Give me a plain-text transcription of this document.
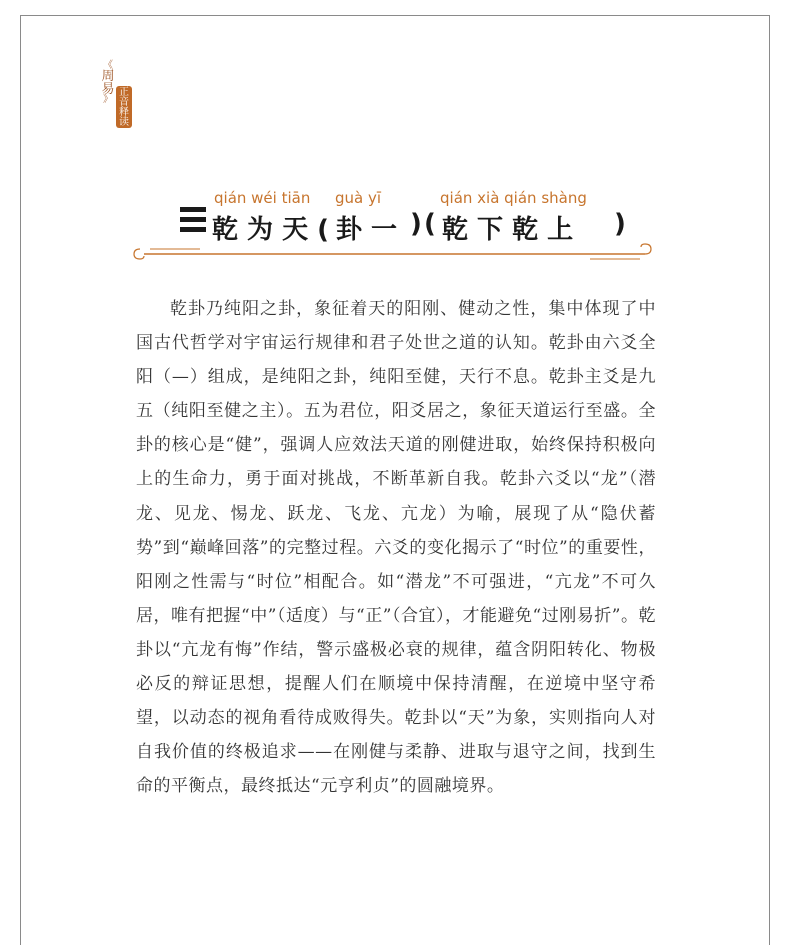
《
周
易
》
正
音
释
读
qián wéi tiān guà yī	qián xià qián shàng
乾 为 天 ( 卦 一 ) ( 乾 下 乾 上 )
乾卦乃纯阳之卦，象征着天的阳刚、健动之性，集中体现了中国古代哲学对宇宙运行规律和君子处世之道的认知。乾卦由六爻全阳（—）组成，是纯阳之卦，纯阳至健，天行不息。乾卦主爻是九五（纯阳至健之主）。五为君位，阳爻居之，象征天道运行至盛。全卦的核心是“健”，强调人应效法天道的刚健进取，始终保持积极向上的生命力，勇于面对挑战，不断革新自我。乾卦六爻以“龙”（潜龙、见龙、惕龙、跃龙、飞龙、亢龙）为喻，展现了从“隐伏蓄势”到“巅峰回落”的完整过程。六爻的变化揭示了“时位”的重要性，阳刚之性需与“时位”相配合。如“潜龙”不可强进，“亢龙”不可久居，唯有把握“中”（适度）与“正”（合宜），才能避免“过刚易折”。乾卦以“亢龙有悔”作结，警示盛极必衰的规律，蕴含阴阳转化、物极必反的辩证思想，提醒人们在顺境中保持清醒，在逆境中坚守希望，以动态的视角看待成败得失。乾卦以“天”为象，实则指向人对自我价值的终极追求——在刚健与柔静、进取与退守之间，找到生命的平衡点，最终抵达“元亨利贞”的圆融境界。
